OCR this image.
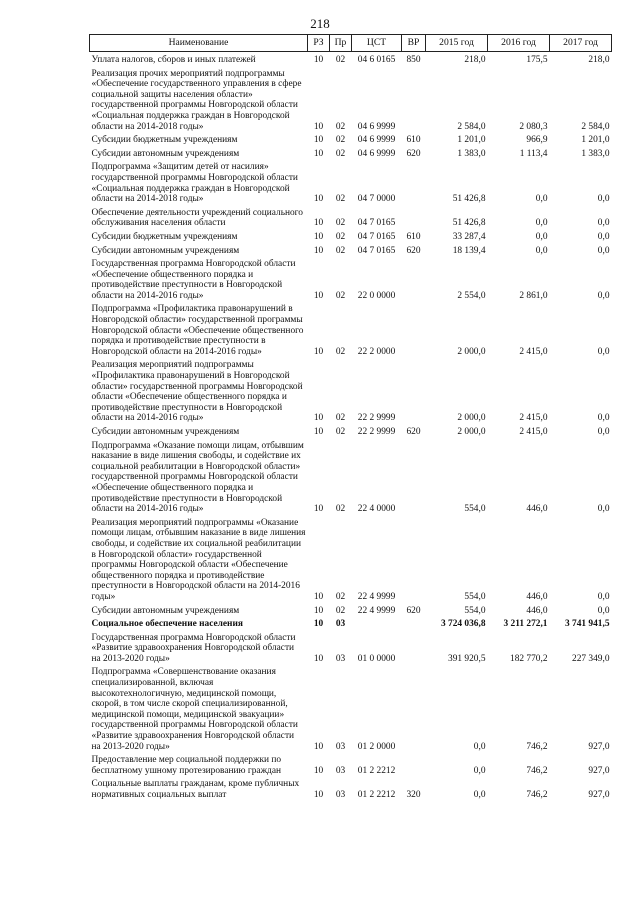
218
Наименование	РЗ	Пр	ЦСТ	ВР	2015 год	2016 год	2017 год
Уплата налогов, сборов и иных платежей	10	02	04 6 0165	850	218,0	175,5	218,0
Реализация прочих мероприятий подпрограммы «Обеспечение государственного управления в сфере социальной защиты населения области» государственной программы Новгородской области «Социальная поддержка граждан в Новгородской области на 2014-2018 годы»	10	02	04 6 9999		2 584,0	2 080,3	2 584,0
Субсидии бюджетным учреждениям	10	02	04 6 9999	610	1 201,0	966,9	1 201,0
Субсидии автономным учреждениям	10	02	04 6 9999	620	1 383,0	1 113,4	1 383,0
Подпрограмма «Защитим детей от насилия» государственной программы Новгородской области «Социальная поддержка граждан в Новгородской области на 2014-2018 годы»	10	02	04 7 0000		51 426,8	0,0	0,0
Обеспечение деятельности учреждений социального обслуживания населения области	10	02	04 7 0165		51 426,8	0,0	0,0
Субсидии бюджетным учреждениям	10	02	04 7 0165	610	33 287,4	0,0	0,0
Субсидии автономным учреждениям	10	02	04 7 0165	620	18 139,4	0,0	0,0
Государственная программа Новгородской области «Обеспечение общественного порядка и противодействие преступности в Новгородской области на 2014-2016 годы»	10	02	22 0 0000		2 554,0	2 861,0	0,0
Подпрограмма «Профилактика правонарушений в Новгородской области» государственной программы Новгородской области «Обеспечение общественного порядка и противодействие преступности в Новгородской области на 2014-2016 годы»	10	02	22 2 0000		2 000,0	2 415,0	0,0
Реализация мероприятий подпрограммы «Профилактика правонарушений в Новгородской области» государственной программы Новгородской области «Обеспечение общественного порядка и противодействие преступности в Новгородской области на 2014-2016 годы»	10	02	22 2 9999		2 000,0	2 415,0	0,0
Субсидии автономным учреждениям	10	02	22 2 9999	620	2 000,0	2 415,0	0,0
Подпрограмма «Оказание помощи лицам, отбывшим наказание в виде лишения свободы, и содействие их социальной реабилитации в Новгородской области» государственной программы Новгородской области «Обеспечение общественного порядка и противодействие преступности в Новгородской области на 2014-2016 годы»	10	02	22 4 0000		554,0	446,0	0,0
Реализация мероприятий подпрограммы «Оказание помощи лицам, отбывшим наказание в виде лишения свободы, и содействие их социальной реабилитации в Новгородской области» государственной программы Новгородской области «Обеспечение общественного порядка и противодействие преступности в Новгородской области на 2014-2016 годы»	10	02	22 4 9999		554,0	446,0	0,0
Субсидии автономным учреждениям	10	02	22 4 9999	620	554,0	446,0	0,0
Социальное обеспечение населения	10	03			3 724 036,8	3 211 272,1	3 741 941,5
Государственная программа Новгородской области «Развитие здравоохранения Новгородской области на 2013-2020 годы»	10	03	01 0 0000		391 920,5	182 770,2	227 349,0
Подпрограмма «Совершенствование оказания специализированной, включая высокотехнологичную, медицинской помощи, скорой, в том числе скорой специализированной, медицинской помощи, медицинской эвакуации» государственной программы Новгородской области «Развитие здравоохранения Новгородской области на 2013-2020 годы»	10	03	01 2 0000		0,0	746,2	927,0
Предоставление мер социальной поддержки по бесплатному ушному протезированию граждан	10	03	01 2 2212		0,0	746,2	927,0
Социальные выплаты гражданам, кроме публичных нормативных социальных выплат	10	03	01 2 2212	320	0,0	746,2	927,0
